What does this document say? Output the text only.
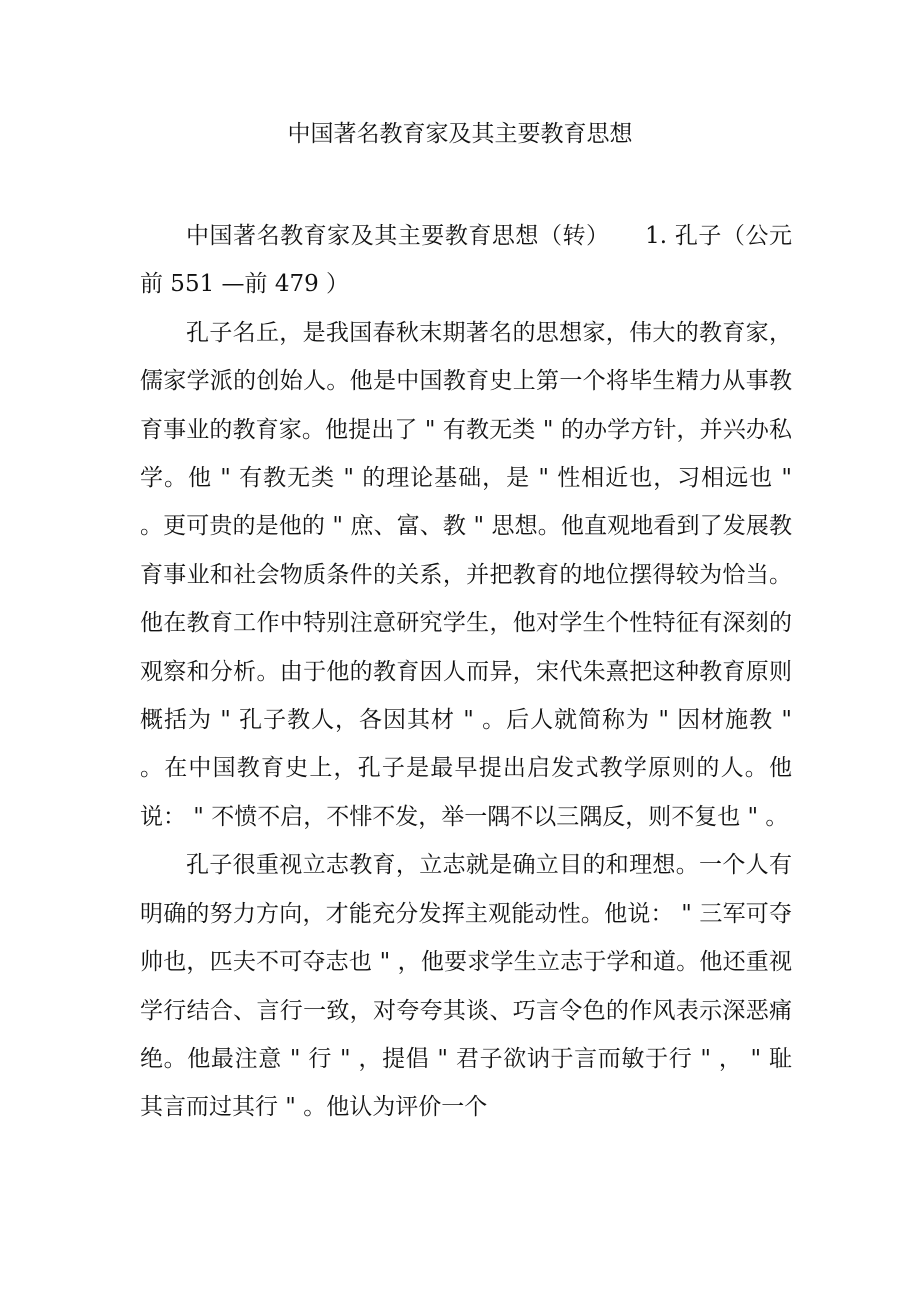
中国著名教育家及其主要教育思想

中国著名教育家及其主要教育思想（转）　　1. 孔子（公元前 551 —前 479 ）

孔子名丘，是我国春秋末期著名的思想家，伟大的教育家，儒家学派的创始人。他是中国教育史上第一个将毕生精力从事教育事业的教育家。他提出了 " 有教无类 " 的办学方针，并兴办私学。他 " 有教无类 " 的理论基础，是 " 性相近也，习相远也 " 。更可贵的是他的 " 庶、富、教 " 思想。他直观地看到了发展教育事业和社会物质条件的关系，并把教育的地位摆得较为恰当。他在教育工作中特别注意研究学生，他对学生个性特征有深刻的观察和分析。由于他的教育因人而异，宋代朱熹把这种教育原则概括为 " 孔子教人，各因其材 " 。后人就简称为 " 因材施教 " 。在中国教育史上，孔子是最早提出启发式教学原则的人。他说： " 不愤不启，不悱不发，举一隅不以三隅反，则不复也 " 。

孔子很重视立志教育，立志就是确立目的和理想。一个人有明确的努力方向，才能充分发挥主观能动性。他说： " 三军可夺帅也，匹夫不可夺志也 " ，他要求学生立志于学和道。他还重视学行结合、言行一致，对夸夸其谈、巧言令色的作风表示深恶痛绝。他最注意 " 行 " ，提倡 " 君子欲讷于言而敏于行 " ， " 耻其言而过其行 " 。他认为评价一个
